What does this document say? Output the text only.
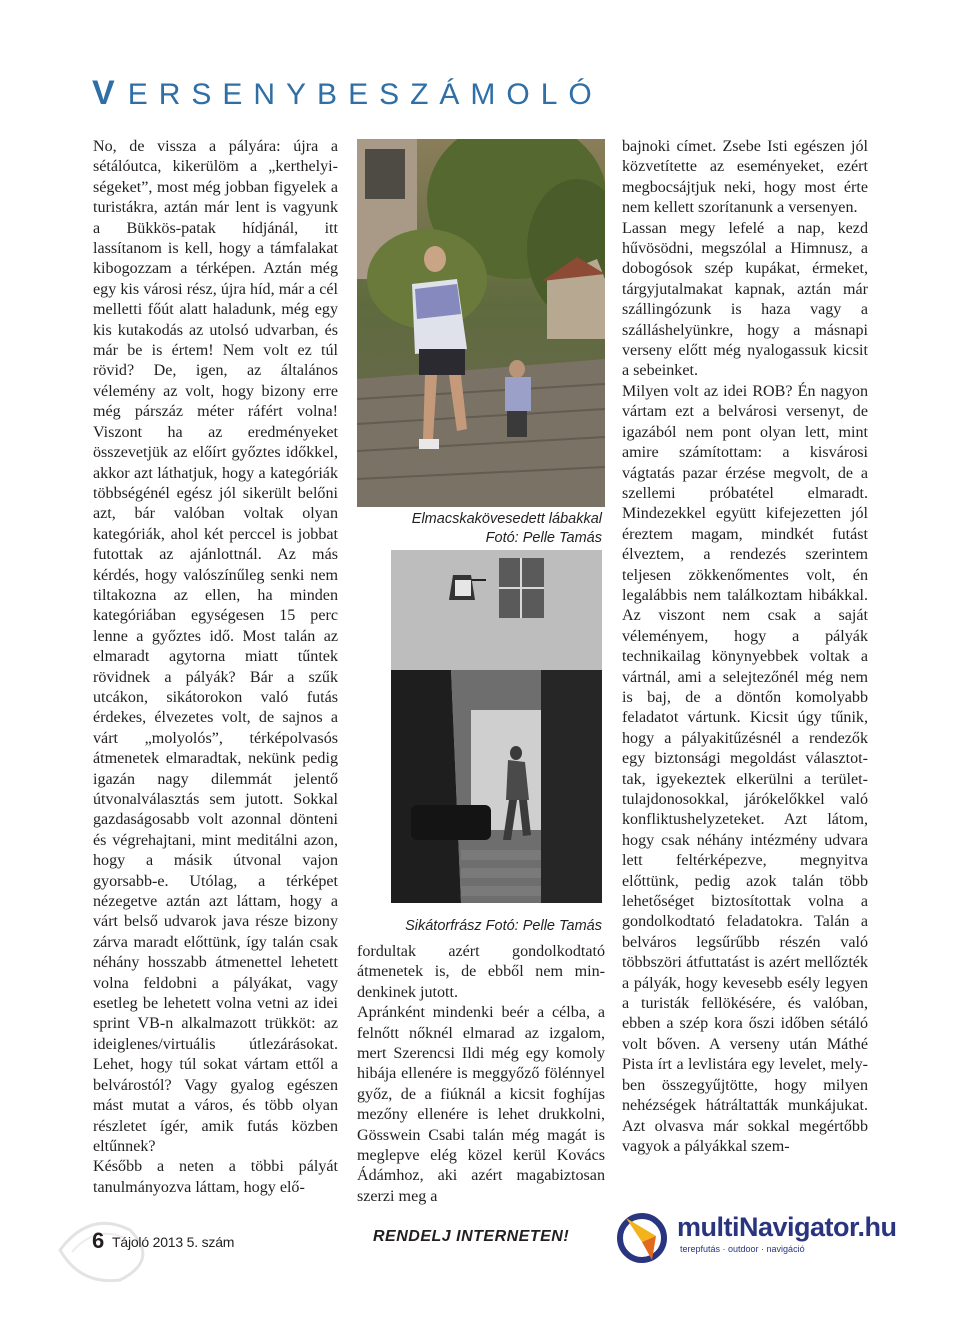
VERSENYBESZÁMOLÓ

No, de vissza a pályára: újra a sétálóutca, kikerülöm a „kerthelyiségeket”, most még jobban figyelek a turistákra, aztán már lent is vagyunk a Bükkös-patak hídjánál, itt lassítanom is kell, hogy a támfalakat kibogozzam a térképen. Aztán még egy kis városi rész, újra híd, már a cél melletti főút alatt haladunk, még egy kis kutakodás az utolsó udvarban, és már be is értem! Nem volt ez túl rövid? De, igen, az általános vélemény az volt, hogy bizony erre még párszáz méter ráfért volna! Viszont ha az eredményeket összevetjük az előírt győztes időkkel, akkor azt láthatjuk, hogy a kategóriák többségénél egész jól sikerült belőni azt, bár valóban voltak olyan kategóriák, ahol két perccel is jobbat futottak az ajánlottnál. Az más kérdés, hogy valószínűleg senki nem tiltakozna az ellen, ha minden kategóriában egységesen 15 perc lenne a győztes idő. Most talán az elmaradt agytorna miatt tűntek rövidnek a pályák? Bár a szűk utcákon, sikátorokon való futás érdekes, élvezetes volt, de sajnos a várt „molyolós”, térképolvasós átmenetek elmaradtak, nekünk pedig igazán nagy dilemmát jelentő útvonalválasztás sem jutott. Sokkal gazdaságosabb volt azonnal dönteni és végrehajtani, mint meditálni azon, hogy a másik útvonal vajon gyorsabb-e. Utólag, a térképet nézegetve aztán azt láttam, hogy a várt belső udvarok java része bizony zárva maradt előttünk, így talán csak néhány hosszabb átmenettel lehetett volna feldobni a pályákat, vagy esetleg be lehetett volna vetni az idei sprint VB-n alkalmazott trükköt: az ideiglenes/virtuális útlezárásokat. Lehet, hogy túl sokat vártam ettől a belvárostól? Vagy gyalog egészen mást mutat a város, és több olyan részletet ígér, amik futás közben eltűnnek?

Később a neten a többi pályát tanulmányozva láttam, hogy elő-

Elmacskakövesedett lábakkal
Fotó: Pelle Tamás
Sikátorfrász Fotó: Pelle Tamás

fordultak azért gondolkodtató átmenetek is, de ebből nem mindenkinek jutott.

Apránként mindenki beér a célba, a felnőtt nőknél elmarad az izgalom, mert Szerencsi Ildi még egy komoly hibája ellenére is meggyőző fölénnyel győz, de a fiúknál a kicsit foghíjas mezőny ellenére is lehet drukkolni, Gösswein Csabi talán még magát is meglepve elég közel kerül Kovács Ádámhoz, aki azért magabiztosan szerzi meg a

bajnoki címet. Zsebe Isti egészen jól közvetítette az eseményeket, ezért megbocsájtjuk neki, hogy most érte nem kellett szorítanunk a versenyen.

Lassan megy lefelé a nap, kezd hűvösödni, megszólal a Himnusz, a dobogósok szép kupákat, érmeket, tárgyjutalmakat kapnak, aztán már szállingózunk is haza vagy a szálláshelyünkre, hogy a másnapi verseny előtt még nyalogassuk kicsit a sebeinket.

Milyen volt az idei ROB? Én nagyon vártam ezt a belvárosi versenyt, de igazából nem pont olyan lett, mint amire számítottam: a kisvárosi vágtatás pazar érzése megvolt, de a szellemi próbatétel elmaradt. Mindezekkel együtt kifejezetten jól éreztem magam, mindkét futást élveztem, a rendezés szerintem teljesen zökkenőmentes volt, én legalábbis nem találkoztam hibákkal. Az viszont nem csak a saját véleményem, hogy a pályák technikailag könynyebbek voltak a vártnál, ami a selejtezőnél még nem is baj, de a döntőn komolyabb feladatot vártunk. Kicsit úgy tűnik, hogy a pályakitűzésnél a rendezők egy biztonsági megoldást választottak, igyekeztek elkerülni a terület-tulajdonosokkal, járókelőkkel való konfliktushelyzeteket. Azt látom, hogy csak néhány intézmény udvara lett feltérképezve, megnyitva előttünk, pedig azok talán több lehetőséget biztosítottak volna a gondolkodtató feladatokra. Talán a belváros legsűrűbb részén való többszöri átfuttatást is azért mellőzték a pályák, hogy kevesebb esély legyen a turisták fellökésére, és valóban, ebben a szép kora őszi időben sétáló volt bőven. A verseny után Máthé Pista írt a levlistára egy levelet, melyben összegyűjtötte, hogy milyen nehézségek hátráltatták munkájukat. Azt olvasva már sokkal megértőbb vagyok a pályákkal szem-

6 Tájoló 2013 5. szám	RENDELJ INTERNETEN!	multiNavigator.hu
terepfutás · outdoor · navigáció
